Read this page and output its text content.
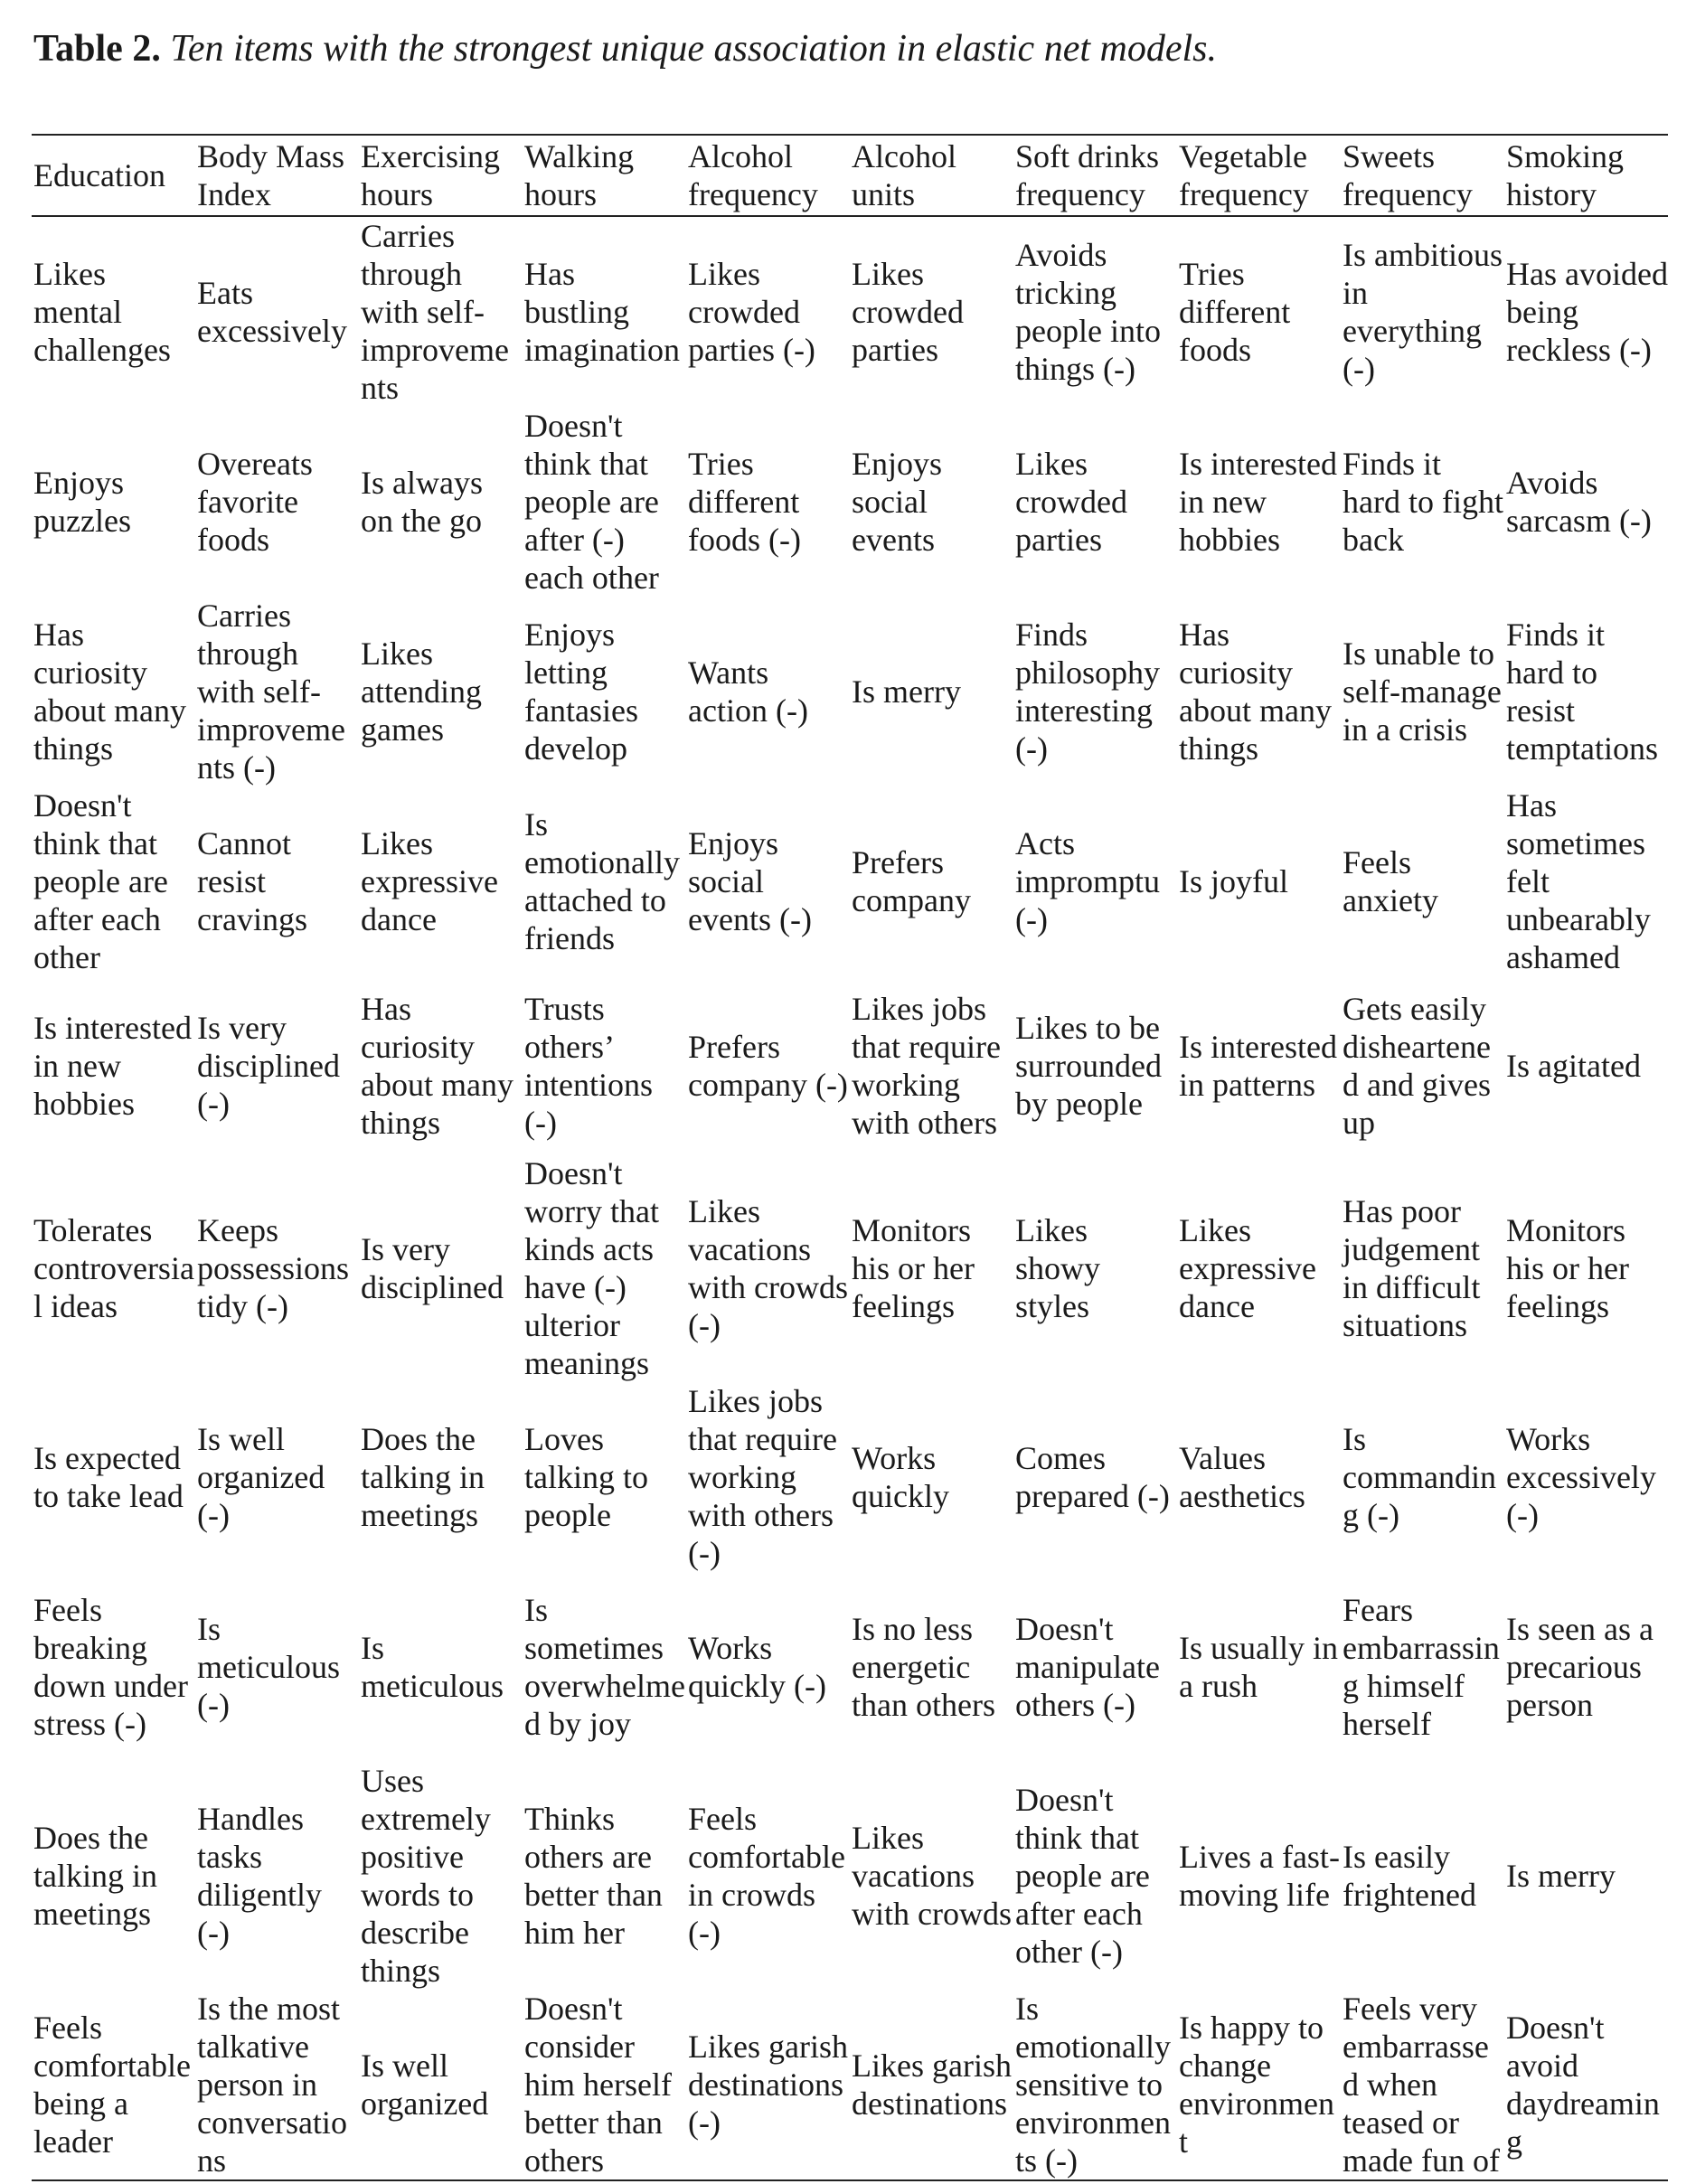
Table 2. Ten items with the strongest unique association in elastic net models.
Education	Body Mass Index	Exercising hours	Walking hours	Alcohol frequency	Alcohol units	Soft drinks frequency	Vegetable frequency	Sweets frequency	Smoking history
Likes mental challenges	Eats excessively	Carries through with self-improvements	Has bustling imagination	Likes crowded parties (-)	Likes crowded parties	Avoids tricking people into things (-)	Tries different foods	Is ambitious in everything (-)	Has avoided being reckless (-)
Enjoys puzzles	Overeats favorite foods	Is always on the go	Doesn't think that people are after (-) each other	Tries different foods (-)	Enjoys social events	Likes crowded parties	Is interested in new hobbies	Finds it hard to fight back	Avoids sarcasm (-)
Has curiosity about many things	Carries through with self-improvements (-)	Likes attending games	Enjoys letting fantasies develop	Wants action (-)	Is merry	Finds philosophy interesting (-)	Has curiosity about many things	Is unable to self-manage in a crisis	Finds it hard to resist temptations
Doesn't think that people are after each other	Cannot resist cravings	Likes expressive dance	Is emotionally attached to friends	Enjoys social events (-)	Prefers company	Acts impromptu (-)	Is joyful	Feels anxiety	Has sometimes felt unbearably ashamed
Is interested in new hobbies	Is very disciplined (-)	Has curiosity about many things	Trusts others’ intentions (-)	Prefers company (-)	Likes jobs that require working with others	Likes to be surrounded by people	Is interested in patterns	Gets easily disheartened and gives up	Is agitated
Tolerates controversial ideas	Keeps possessions tidy (-)	Is very disciplined	Doesn't worry that kinds acts have (-) ulterior meanings	Likes vacations with crowds (-)	Monitors his or her feelings	Likes showy styles	Likes expressive dance	Has poor judgement in difficult situations	Monitors his or her feelings
Is expected to take lead	Is well organized (-)	Does the talking in meetings	Loves talking to people	Likes jobs that require working with others (-)	Works quickly	Comes prepared (-)	Values aesthetics	Is commanding (-)	Works excessively (-)
Feels breaking down under stress (-)	Is meticulous (-)	Is meticulous	Is sometimes overwhelmed by joy	Works quickly (-)	Is no less energetic than others	Doesn't manipulate others (-)	Is usually in a rush	Fears embarrassing himself herself	Is seen as a precarious person
Does the talking in meetings	Handles tasks diligently (-)	Uses extremely positive words to describe things	Thinks others are better than him her	Feels comfortable in crowds (-)	Likes vacations with crowds	Doesn't think that people are after each other (-)	Lives a fast-moving life	Is easily frightened	Is merry
Feels comfortable being a leader	Is the most talkative person in conversations	Is well organized	Doesn't consider him herself better than others	Likes garish destinations (-)	Likes garish destinations	Is emotionally sensitive to environments (-)	Is happy to change environment	Feels very embarrassed when teased or made fun of	Doesn't avoid daydreaming
